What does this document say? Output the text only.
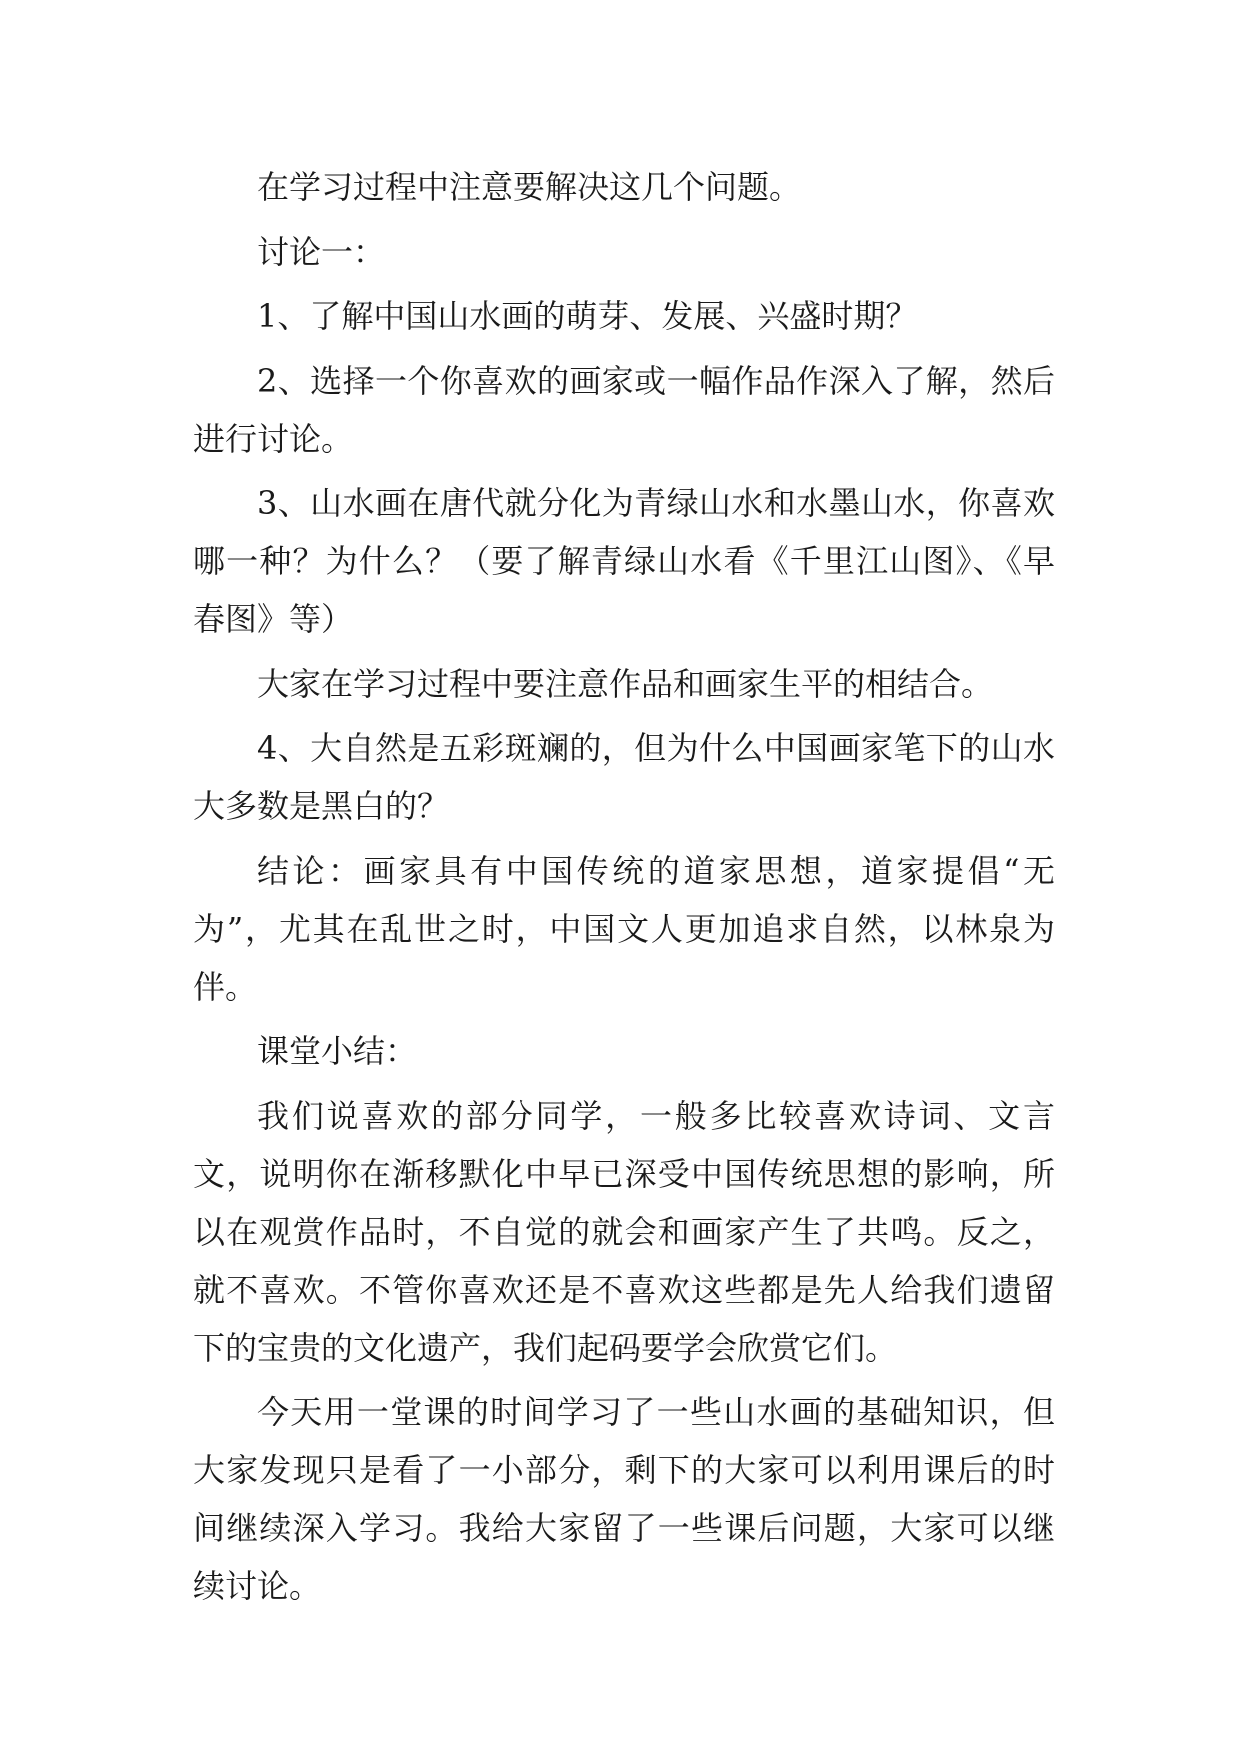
在学习过程中注意要解决这几个问题。

讨论一：

1、了解中国山水画的萌芽、发展、兴盛时期？

2、选择一个你喜欢的画家或一幅作品作深入了解，然后进行讨论。

3、山水画在唐代就分化为青绿山水和水墨山水，你喜欢哪一种？为什么？（要了解青绿山水看《千里江山图》、《早春图》等）

大家在学习过程中要注意作品和画家生平的相结合。

4、大自然是五彩斑斓的，但为什么中国画家笔下的山水大多数是黑白的？

结论：画家具有中国传统的道家思想，道家提倡“无为”，尤其在乱世之时，中国文人更加追求自然，以林泉为伴。

课堂小结：

我们说喜欢的部分同学，一般多比较喜欢诗词、文言文，说明你在渐移默化中早已深受中国传统思想的影响，所以在观赏作品时，不自觉的就会和画家产生了共鸣。反之，就不喜欢。不管你喜欢还是不喜欢这些都是先人给我们遗留下的宝贵的文化遗产，我们起码要学会欣赏它们。

今天用一堂课的时间学习了一些山水画的基础知识，但大家发现只是看了一小部分，剩下的大家可以利用课后的时间继续深入学习。我给大家留了一些课后问题，大家可以继续讨论。
